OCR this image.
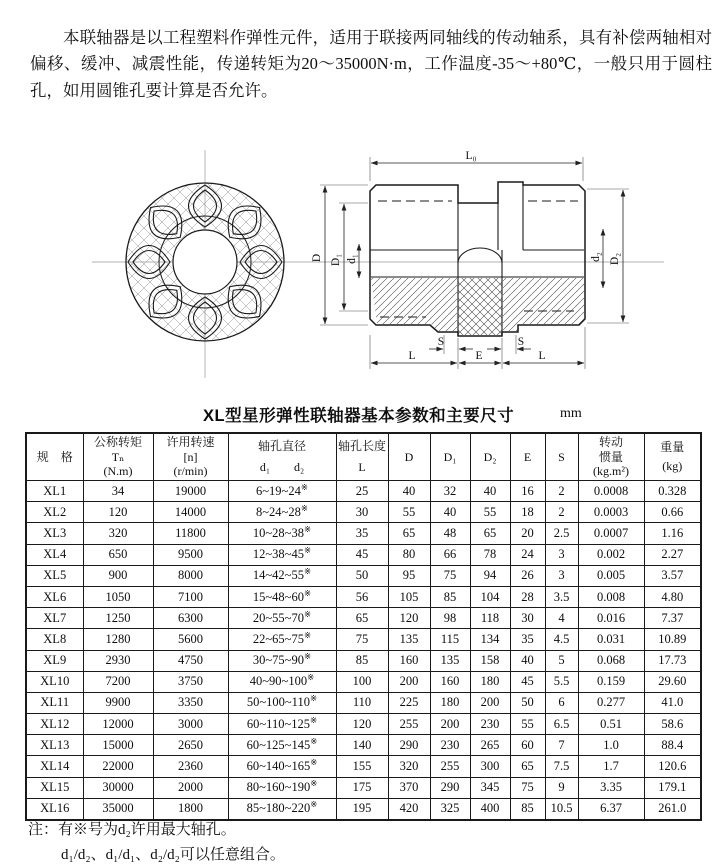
本联轴器是以工程塑料作弹性元件，适用于联接两同轴线的传动轴系，具有补偿两轴相对偏移、缓冲、减震性能，传递转矩为20～35000N·m，工作温度-35～+80℃，一般只用于圆柱孔，如用圆锥孔要计算是否允许。

L₀
D D₁ d₁	d₂ D₂
S	S
L	E	L
XL型星形弹性联轴器基本参数和主要尺寸	mm
规　格

公称转矩
Tₙ
(N.m)

许用转速
[n]
(r/min)

轴孔直径
d₁　　d₂

轴孔长度
L

D	D₁	D₂	E	S

转动
惯量
(kg.m²)

重量
(kg)

XL1	34	19000	6~19~24※	25	40	32	40	16	2	0.0008	0.328
XL2	120	14000	8~24~28※	30	55	40	55	18	2	0.0003	0.66
XL3	320	11800	10~28~38※	35	65	48	65	20	2.5	0.0007	1.16
XL4	650	9500	12~38~45※	45	80	66	78	24	3	0.002	2.27
XL5	900	8000	14~42~55※	50	95	75	94	26	3	0.005	3.57
XL6	1050	7100	15~48~60※	56	105	85	104	28	3.5	0.008	4.80
XL7	1250	6300	20~55~70※	65	120	98	118	30	4	0.016	7.37
XL8	1280	5600	22~65~75※	75	135	115	134	35	4.5	0.031	10.89
XL9	2930	4750	30~75~90※	85	160	135	158	40	5	0.068	17.73
XL10	7200	3750	40~90~100※	100	200	160	180	45	5.5	0.159	29.60
XL11	9900	3350	50~100~110※	110	225	180	200	50	6	0.277	41.0
XL12	12000	3000	60~110~125※	120	255	200	230	55	6.5	0.51	58.6
XL13	15000	2650	60~125~145※	140	290	230	265	60	7	1.0	88.4
XL14	22000	2360	60~140~165※	155	320	255	300	65	7.5	1.7	120.6
XL15	30000	2000	80~160~190※	175	370	290	345	75	9	3.35	179.1
XL16	35000	1800	85~180~220※	195	420	325	400	85	10.5	6.37	261.0
注：有※号为d₂许用最大轴孔。
d₁/d₂、d₁/d₁、d₂/d₂可以任意组合。
